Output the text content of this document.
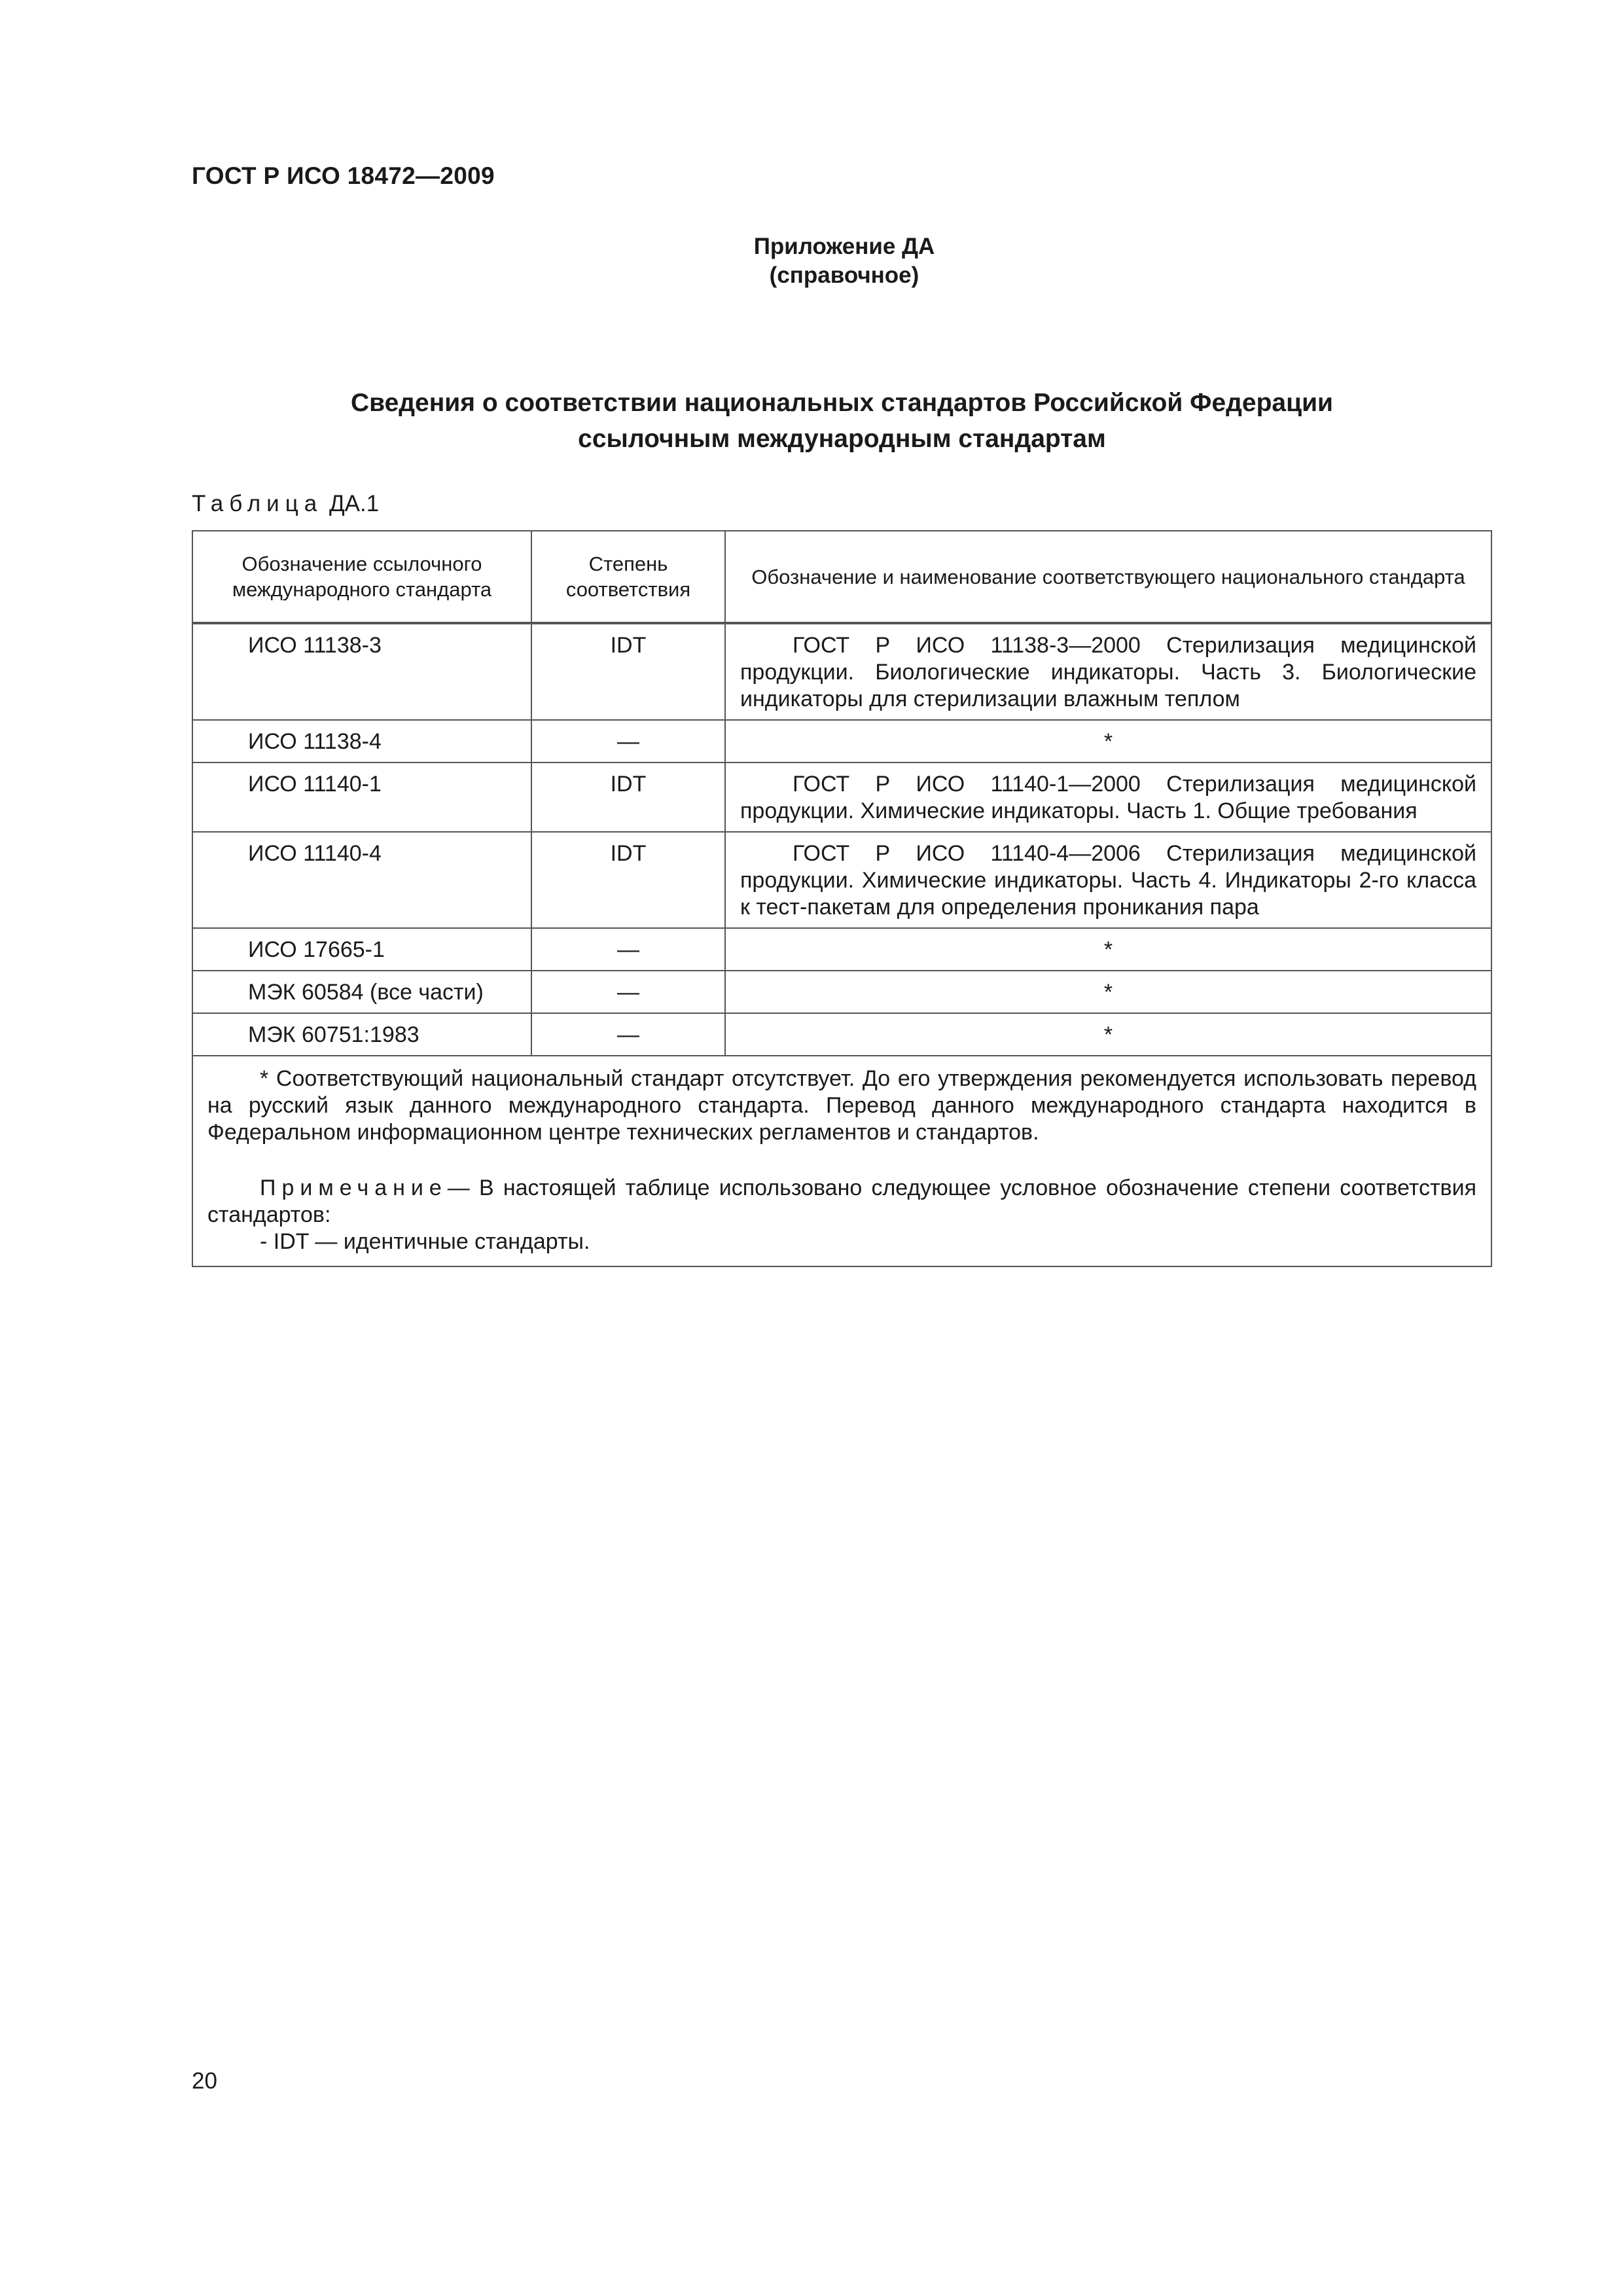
ГОСТ Р ИСО 18472—2009
Приложение ДА
(справочное)
Сведения о соответствии национальных стандартов Российской Федерации
ссылочным международным стандартам
Таблица ДА.1
Обозначение ссылочного международного стандарта	Степень соответствия	Обозначение и наименование соответствующего национального стандарта
ИСО 11138-3	IDT	ГОСТ Р ИСО 11138-3—2000 Стерилизация медицинской продукции. Биологические индикаторы. Часть 3. Биологические индикаторы для стерилизации влажным теплом
ИСО 11138-4	—	*
ИСО 11140-1	IDT	ГОСТ Р ИСО 11140-1—2000 Стерилизация медицинской продукции. Химические индикаторы. Часть 1. Общие требования
ИСО 11140-4	IDT	ГОСТ Р ИСО 11140-4—2006 Стерилизация медицинской продукции. Химические индикаторы. Часть 4. Индикаторы 2-го класса к тест-пакетам для определения проникания пара
ИСО 17665-1	—	*
МЭК 60584 (все части)	—	*
МЭК 60751:1983	—	*

* Соответствующий национальный стандарт отсутствует. До его утверждения рекомендуется использовать перевод на русский язык данного международного стандарта. Перевод данного международного стандарта находится в Федеральном информационном центре технических регламентов и стандартов.

Примечание— В настоящей таблице использовано следующее условное обозначение степени соответствия стандартов:

- IDT — идентичные стандарты.		

20
